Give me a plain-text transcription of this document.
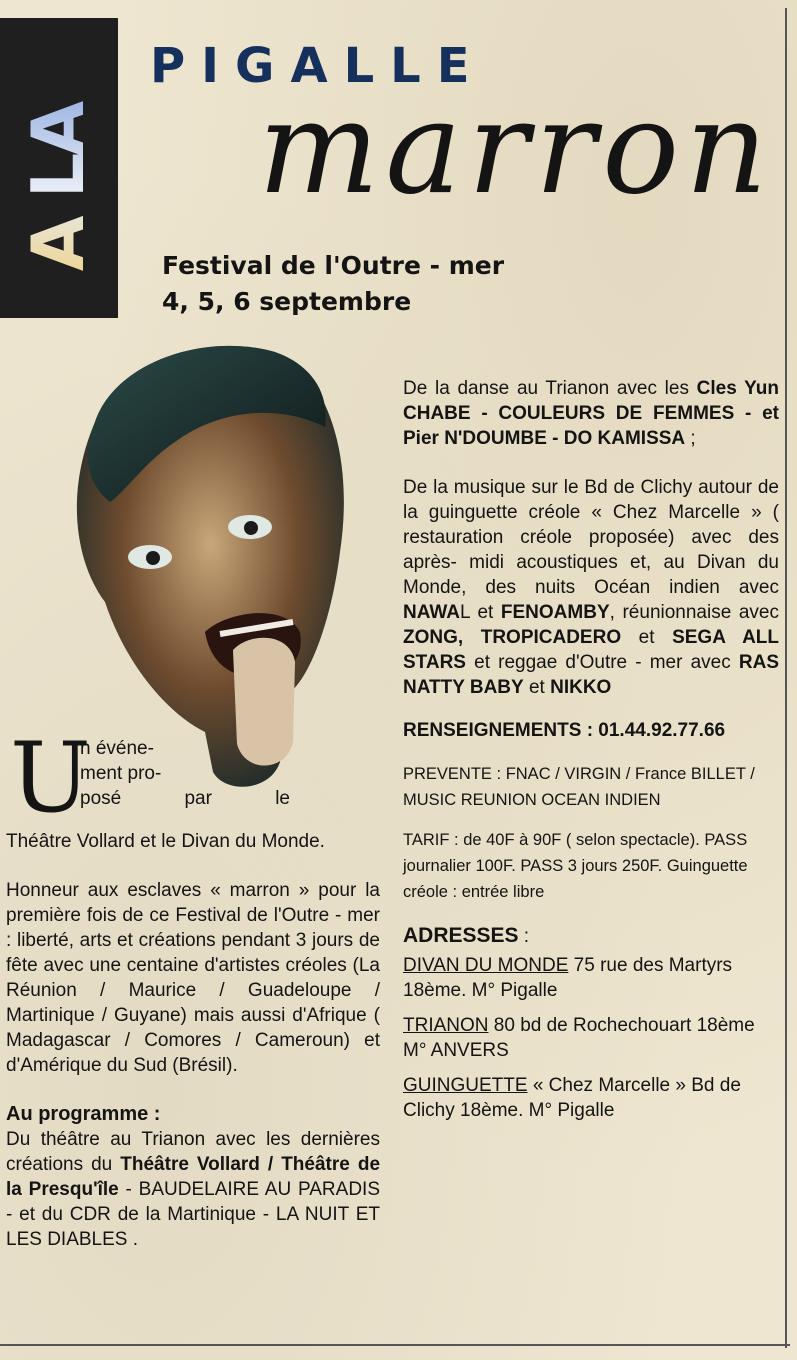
A LA UNE
PIGALLE
marron
Festival de l'Outre - mer
4, 5, 6 septembre
U
n événe-
ment pro-
posé par le

Théâtre Vollard et le Divan du Monde.

Honneur aux esclaves « marron » pour la première fois de ce Festival de l'Outre - mer : liberté, arts et créations pendant 3 jours de fête avec une centaine d'artistes créoles (La Réunion / Maurice / Guadeloupe / Martinique / Guyane) mais aussi d'Afrique ( Madagascar / Comores / Cameroun) et d'Amérique du Sud (Brésil).

Au programme :

Du théâtre au Trianon avec les dernières créations du Théâtre Vollard / Théâtre de la Presqu'île - BAUDELAIRE AU PARADIS - et du CDR de la Martinique - LA NUIT ET LES DIABLES .

De la danse au Trianon avec les Cles Yun CHABE - COULEURS DE FEMMES - et Pier N'DOUMBE - DO KAMISSA ;

De la musique sur le Bd de Clichy autour de la guinguette créole « Chez Marcelle » ( restauration créole proposée) avec des après- midi acoustiques et, au Divan du Monde, des nuits Océan indien avec NAWAL et FENOAMBY, réunionnaise avec ZONG, TROPICADERO et SEGA ALL STARS et reggae d'Outre - mer avec RAS NATTY BABY et NIKKO

RENSEIGNEMENTS : 01.44.92.77.66

PREVENTE : FNAC / VIRGIN / France BILLET / MUSIC REUNION OCEAN INDIEN

TARIF : de 40F à 90F ( selon spectacle). PASS journalier 100F. PASS 3 jours 250F. Guinguette créole : entrée libre

ADRESSES :

DIVAN DU MONDE 75 rue des Martyrs 18ème. M° Pigalle

TRIANON 80 bd de Rochechouart 18ème M° ANVERS

GUINGUETTE « Chez Marcelle » Bd de Clichy 18ème. M° Pigalle
